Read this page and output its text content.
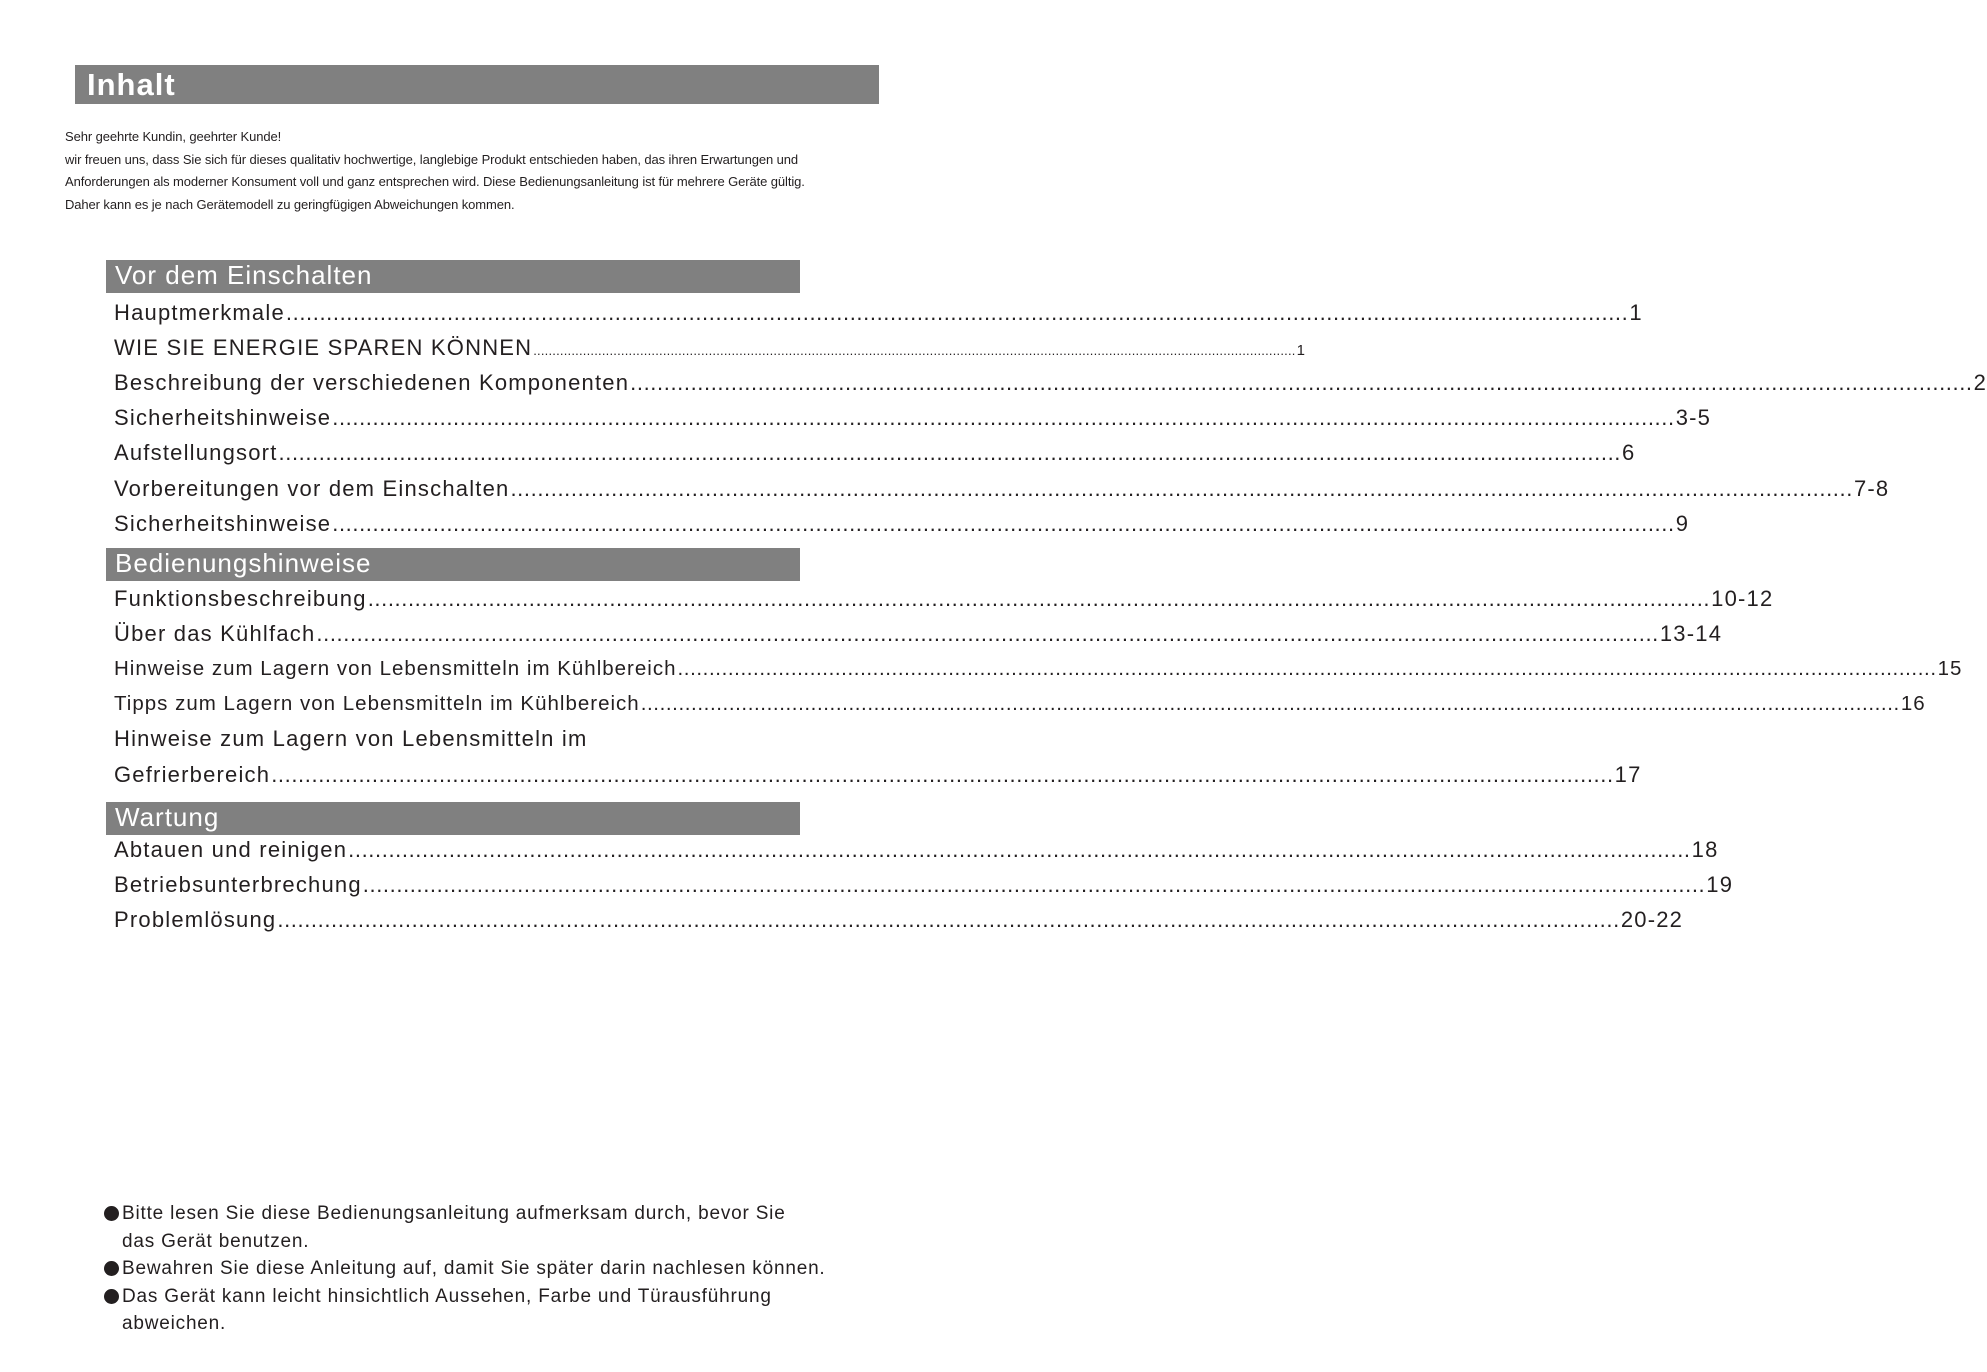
Inhalt

Sehr geehrte Kundin, geehrter Kunde!

wir freuen uns, dass Sie sich für dieses qualitativ hochwertige, langlebige Produkt entschieden haben, das ihren Erwartungen und

Anforderungen als moderner Konsument voll und ganz entsprechen wird. Diese Bedienungsanleitung ist für mehrere Geräte gültig.

Daher kann es je nach Gerätemodell zu geringfügigen Abweichungen kommen.

Vor dem Einschalten
Hauptmerkmale ........................................................................................................................................................................................................ 1
WIE SIE ENERGIE SPAREN KÖNNEN ........................................................................................................................................................................................................ 1
Beschreibung der verschiedenen Komponenten ........................................................................................................................................................................................................ 2
Sicherheitshinweise ........................................................................................................................................................................................................ 3-5
Aufstellungsort ........................................................................................................................................................................................................ 6
Vorbereitungen vor dem Einschalten ........................................................................................................................................................................................................ 7-8
Sicherheitshinweise ........................................................................................................................................................................................................ 9
Bedienungshinweise
Funktionsbeschreibung ........................................................................................................................................................................................................ 10-12
Über das Kühlfach ........................................................................................................................................................................................................ 13-14
Hinweise zum Lagern von Lebensmitteln im Kühlbereich ........................................................................................................................................................................................................ 15
Tipps zum Lagern von Lebensmitteln im Kühlbereich ........................................................................................................................................................................................................ 16
Hinweise zum Lagern von Lebensmitteln im
Gefrierbereich ........................................................................................................................................................................................................ 17
Wartung
Abtauen und reinigen ........................................................................................................................................................................................................ 18
Betriebsunterbrechung ........................................................................................................................................................................................................ 19
Problemlösung ........................................................................................................................................................................................................ 20-22
Bitte lesen Sie diese Bedienungsanleitung aufmerksam durch, bevor Sie
das Gerät benutzen.
Bewahren Sie diese Anleitung auf, damit Sie später darin nachlesen können.
Das Gerät kann leicht hinsichtlich Aussehen, Farbe und Türausführung
abweichen.
